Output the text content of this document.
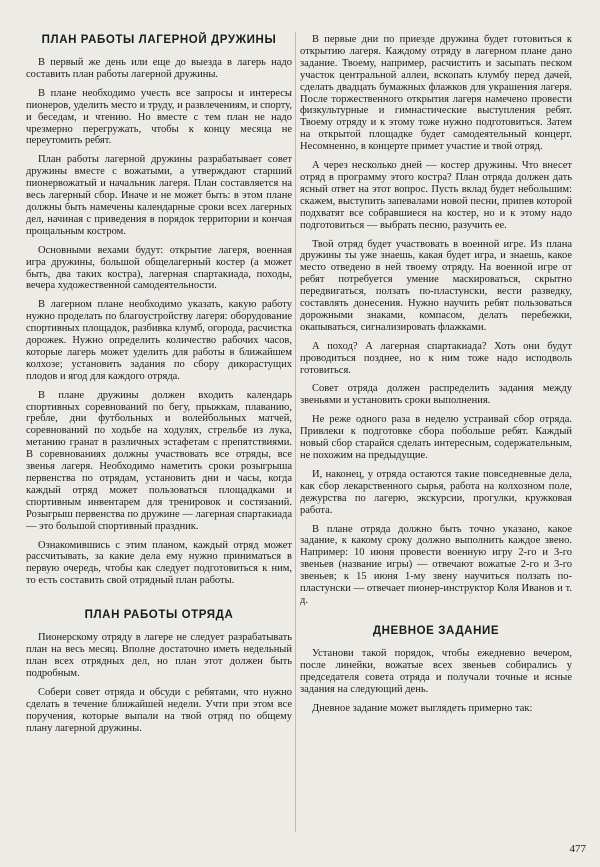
ПЛАН РАБОТЫ ЛАГЕРНОЙ ДРУЖИНЫ

В первый же день или еще до выезда в лагерь надо составить план работы лагерной дружины.

В плане необходимо учесть все запросы и интересы пионеров, уделить место и труду, и развлечениям, и спорту, и беседам, и чтению. Но вместе с тем план не надо чрезмерно перегружать, чтобы к концу месяца не переутомить ребят.

План работы лагерной дружины разрабатывает совет дружины вместе с вожатыми, а утверждают старший пионервожатый и начальник лагеря. План составляется на весь лагерный сбор. Иначе и не может быть: в этом плане должны быть намечены календарные сроки всех лагерных дел, начиная с приведения в порядок территории и кончая прощальным костром.

Основными вехами будут: открытие лагеря, военная игра дружины, большой общелагерный костер (а может быть, два таких костра), лагерная спартакиада, походы, вечера художественной самодеятельности.

В лагерном плане необходимо указать, какую работу нужно проделать по благоустройству лагеря: оборудование спортивных площадок, разбивка клумб, огорода, расчистка дорожек. Нужно определить количество рабочих часов, которые лагерь может уделить для работы в ближайшем колхозе; установить задания по сбору дикорастущих плодов и ягод для каждого отряда.

В плане дружины должен входить календарь спортивных соревнований по бегу, прыжкам, плаванию, гребле, дни футбольных и волейбольных матчей, соревнований по ходьбе на ходулях, стрельбе из лука, метанию гранат в различных эстафетам с препятствиями. В соревнованиях должны участвовать все отряды, все звенья лагеря. Необходимо наметить сроки розыгрыша первенства по отрядам, установить дни и часы, когда каждый отряд может пользоваться площадками и спортивным инвентарем для тренировок и состязаний. Розыгрыш первенства по дружине — лагерная спартакиада — это большой спортивный праздник.

Ознакомившись с этим планом, каждый отряд может рассчитывать, за какие дела ему нужно приниматься в первую очередь, чтобы как следует подготовиться к ним, то есть составить свой отрядный план работы.

ПЛАН РАБОТЫ ОТРЯДА

Пионерскому отряду в лагере не следует разрабатывать план на весь месяц. Вполне достаточно иметь недельный план всех отрядных дел, но план этот должен быть подробным.

Собери совет отряда и обсуди с ребятами, что нужно сделать в течение ближайшей недели. Учти при этом все поручения, которые выпали на твой отряд по общему плану лагерной дружины.

В первые дни по приезде дружина будет готовиться к открытию лагеря. Каждому отряду в лагерном плане дано задание. Твоему, например, расчистить и засыпать песком участок центральной аллеи, вскопать клумбу перед дачей, сделать двадцать бумажных флажков для украшения лагеря. После торжественного открытия лагеря намечено провести физкультурные и гимнастические выступления ребят. Твоему отряду и к этому тоже нужно подготовиться. Затем на открытой площадке будет самодеятельный концерт. Несомненно, в концерте примет участие и твой отряд.

А через несколько дней — костер дружины. Что внесет отряд в программу этого костра? План отряда должен дать ясный ответ на этот вопрос. Пусть вклад будет небольшим: скажем, выступить запевалами новой песни, припев которой подхватят все собравшиеся на костер, но и к этому надо подготовиться — выбрать песню, разучить ее.

Твой отряд будет участвовать в военной игре. Из плана дружины ты уже знаешь, какая будет игра, и знаешь, какое место отведено в ней твоему отряду. На военной игре от ребят потребуется умение маскироваться, скрытно передвигаться, ползать по-пластунски, вести разведку, составлять донесения. Нужно научить ребят пользоваться дорожными знаками, компасом, делать перебежки, окапываться, сигнализировать флажками.

А поход? А лагерная спартакиада? Хоть они будут проводиться позднее, но к ним тоже надо исподволь готовиться.

Совет отряда должен распределить задания между звеньями и установить сроки выполнения.

Не реже одного раза в неделю устраивай сбор отряда. Привлеки к подготовке сбора побольше ребят. Каждый новый сбор старайся сделать интересным, содержательным, не похожим на предыдущие.

И, наконец, у отряда остаются такие повседневные дела, как сбор лекарственного сырья, работа на колхозном поле, дежурства по лагерю, экскурсии, прогулки, кружковая работа.

В плане отряда должно быть точно указано, какое задание, к какому сроку должно выполнить каждое звено. Например: 10 июня провести военную игру 2-го и 3-го звеньев (название игры) — отвечают вожатые 2-го и 3-го звеньев; к 15 июня 1-му звену научиться ползать по-пластунски — отвечает пионер-инструктор Коля Иванов и т. д.

ДНЕВНОЕ ЗАДАНИЕ

Установи такой порядок, чтобы ежедневно вечером, после линейки, вожатые всех звеньев собирались у председателя совета отряда и получали точные и ясные задания на следующий день.

Дневное задание может выглядеть примерно так:

477
